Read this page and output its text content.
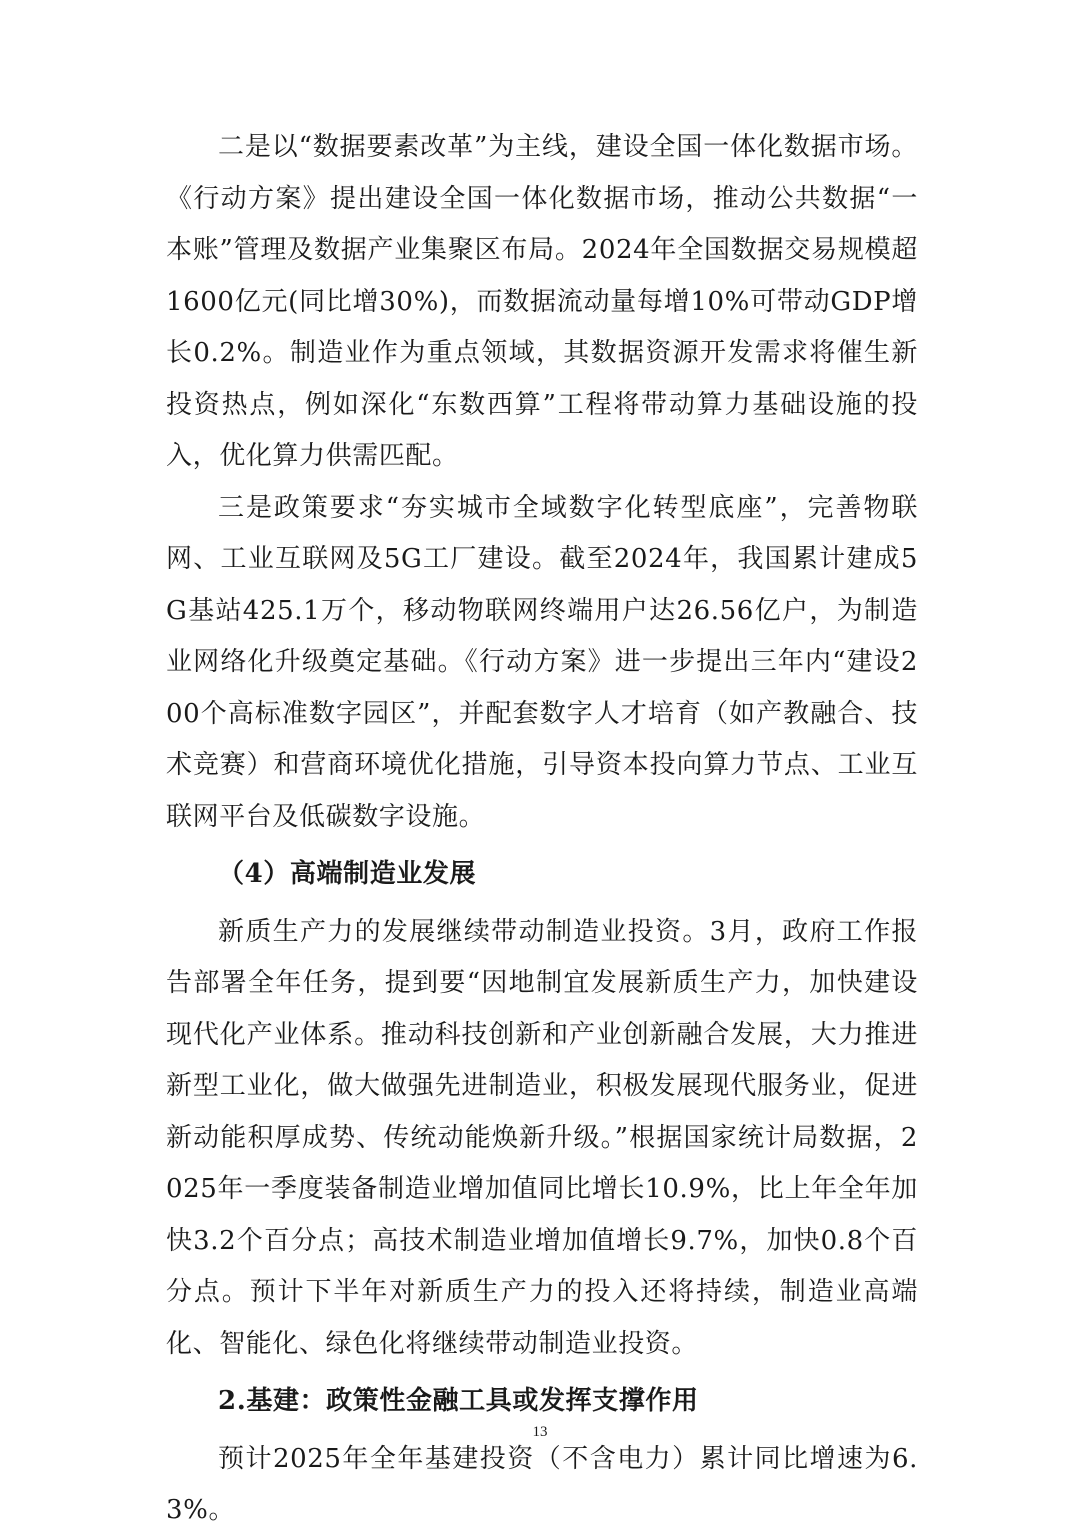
二是以“数据要素改革”为主线，建设全国一体化数据市场。《行动方案》提出建设全国一体化数据市场，推动公共数据“一本账”管理及数据产业集聚区布局。2024年全国数据交易规模超1600亿元(同比增30%)，而数据流动量每增10%可带动GDP增长0.2%。制造业作为重点领域，其数据资源开发需求将催生新投资热点，例如深化“东数西算”工程将带动算力基础设施的投入，优化算力供需匹配。

三是政策要求“夯实城市全域数字化转型底座”，完善物联网、工业互联网及5G工厂建设。截至2024年，我国累计建成5G基站425.1万个，移动物联网终端用户达26.56亿户，为制造业网络化升级奠定基础。《行动方案》进一步提出三年内“建设200个高标准数字园区”，并配套数字人才培育（如产教融合、技术竞赛）和营商环境优化措施，引导资本投向算力节点、工业互联网平台及低碳数字设施。

（4）高端制造业发展

新质生产力的发展继续带动制造业投资。3月，政府工作报告部署全年任务，提到要“因地制宜发展新质生产力，加快建设现代化产业体系。推动科技创新和产业创新融合发展，大力推进新型工业化，做大做强先进制造业，积极发展现代服务业，促进新动能积厚成势、传统动能焕新升级。”根据国家统计局数据，2025年一季度装备制造业增加值同比增长10.9%，比上年全年加快3.2个百分点；高技术制造业增加值增长9.7%，加快0.8个百分点。预计下半年对新质生产力的投入还将持续，制造业高端化、智能化、绿色化将继续带动制造业投资。

2.基建：政策性金融工具或发挥支撑作用

预计2025年全年基建投资（不含电力）累计同比增速为6.3%。

13
